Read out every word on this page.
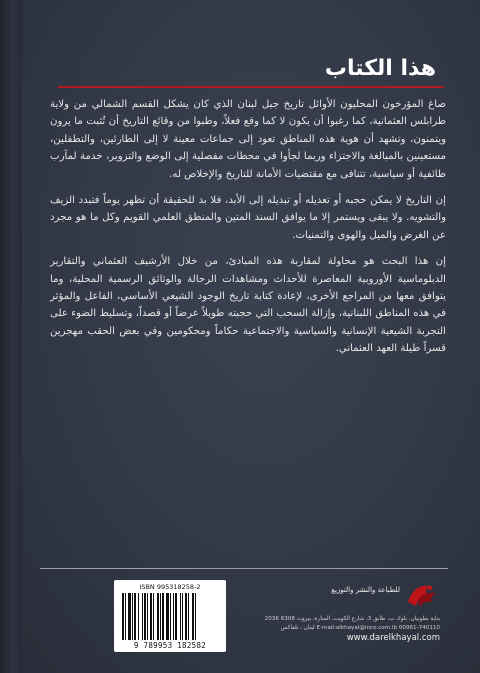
هذا الكتاب

صاغ المؤرخون المحليون الأوائل تاريخ جبل لبنان الذي كان يشكل القسم الشمالي من ولاية طرابلس العثمانية، كما رغبوا أن يكون لا كما وقع فعلاً، وطبوا من وقائع التاريخ أن تُثبت ما يرون ويتمنون، وتشهد أن هوية هذه المناطق تعود إلى جماعات معينة لا إلى الطارئين، والتطفلين، مستعينين بالمبالغة والاجتزاء وربما لجأوا في محطات مفصلية إلى الوضع والتزوير، خدمة لمآرب طائفية أو سياسية، تتنافى مع مقتضيات الأمانة للتاريخ والإخلاص له.

إن التاريخ لا يمكن حجبه أو تعديله أو تبديله إلى الأبد، فلا بد للحقيقة أن تظهر يوماً فتبدد الزيف والتشويه. ولا يبقى ويستمر إلا ما يوافق السند المتين والمنطق العلمي القويم وكل ما هو مجرد عن الغرض والميل والهوى والتمنيات.

إن هذا البحث هو محاولة لمقاربة هذه المبادئ، من خلال الأرشيف العثماني والتقارير الدبلوماسية الأوروبية المعاصرة للأحداث ومشاهدات الرحالة والوثائق الرسمية المحلية، وما يتوافق معها من المراجع الأخرى، لإعادة كتابة تاريخ الوجود الشيعي الأساسي، الفاعل والمؤثر في هذه المناطق اللبنانية، وإزالة السحب التي حجبته طويلاً عرضاً أو قصداً، وتسليط الضوء على التجربة الشيعية الإنسانية والسياسية والاجتماعية حكاماً ومحكومين وفي بعض الحقب مهجرين قسراً طيلة العهد العثماني.

ISBN 995318258-2
9 789953 182582
للطباعة والنشر والتوزيع
بناية بطوبيان، بلوك ب، طابق 3، شارع الكويت، المنارة، بيروت 6308 2036
E-mail:alkhayal@inco.com.lb 00961-740110 لبنان ، تلفاكس
www.darelkhayal.com
